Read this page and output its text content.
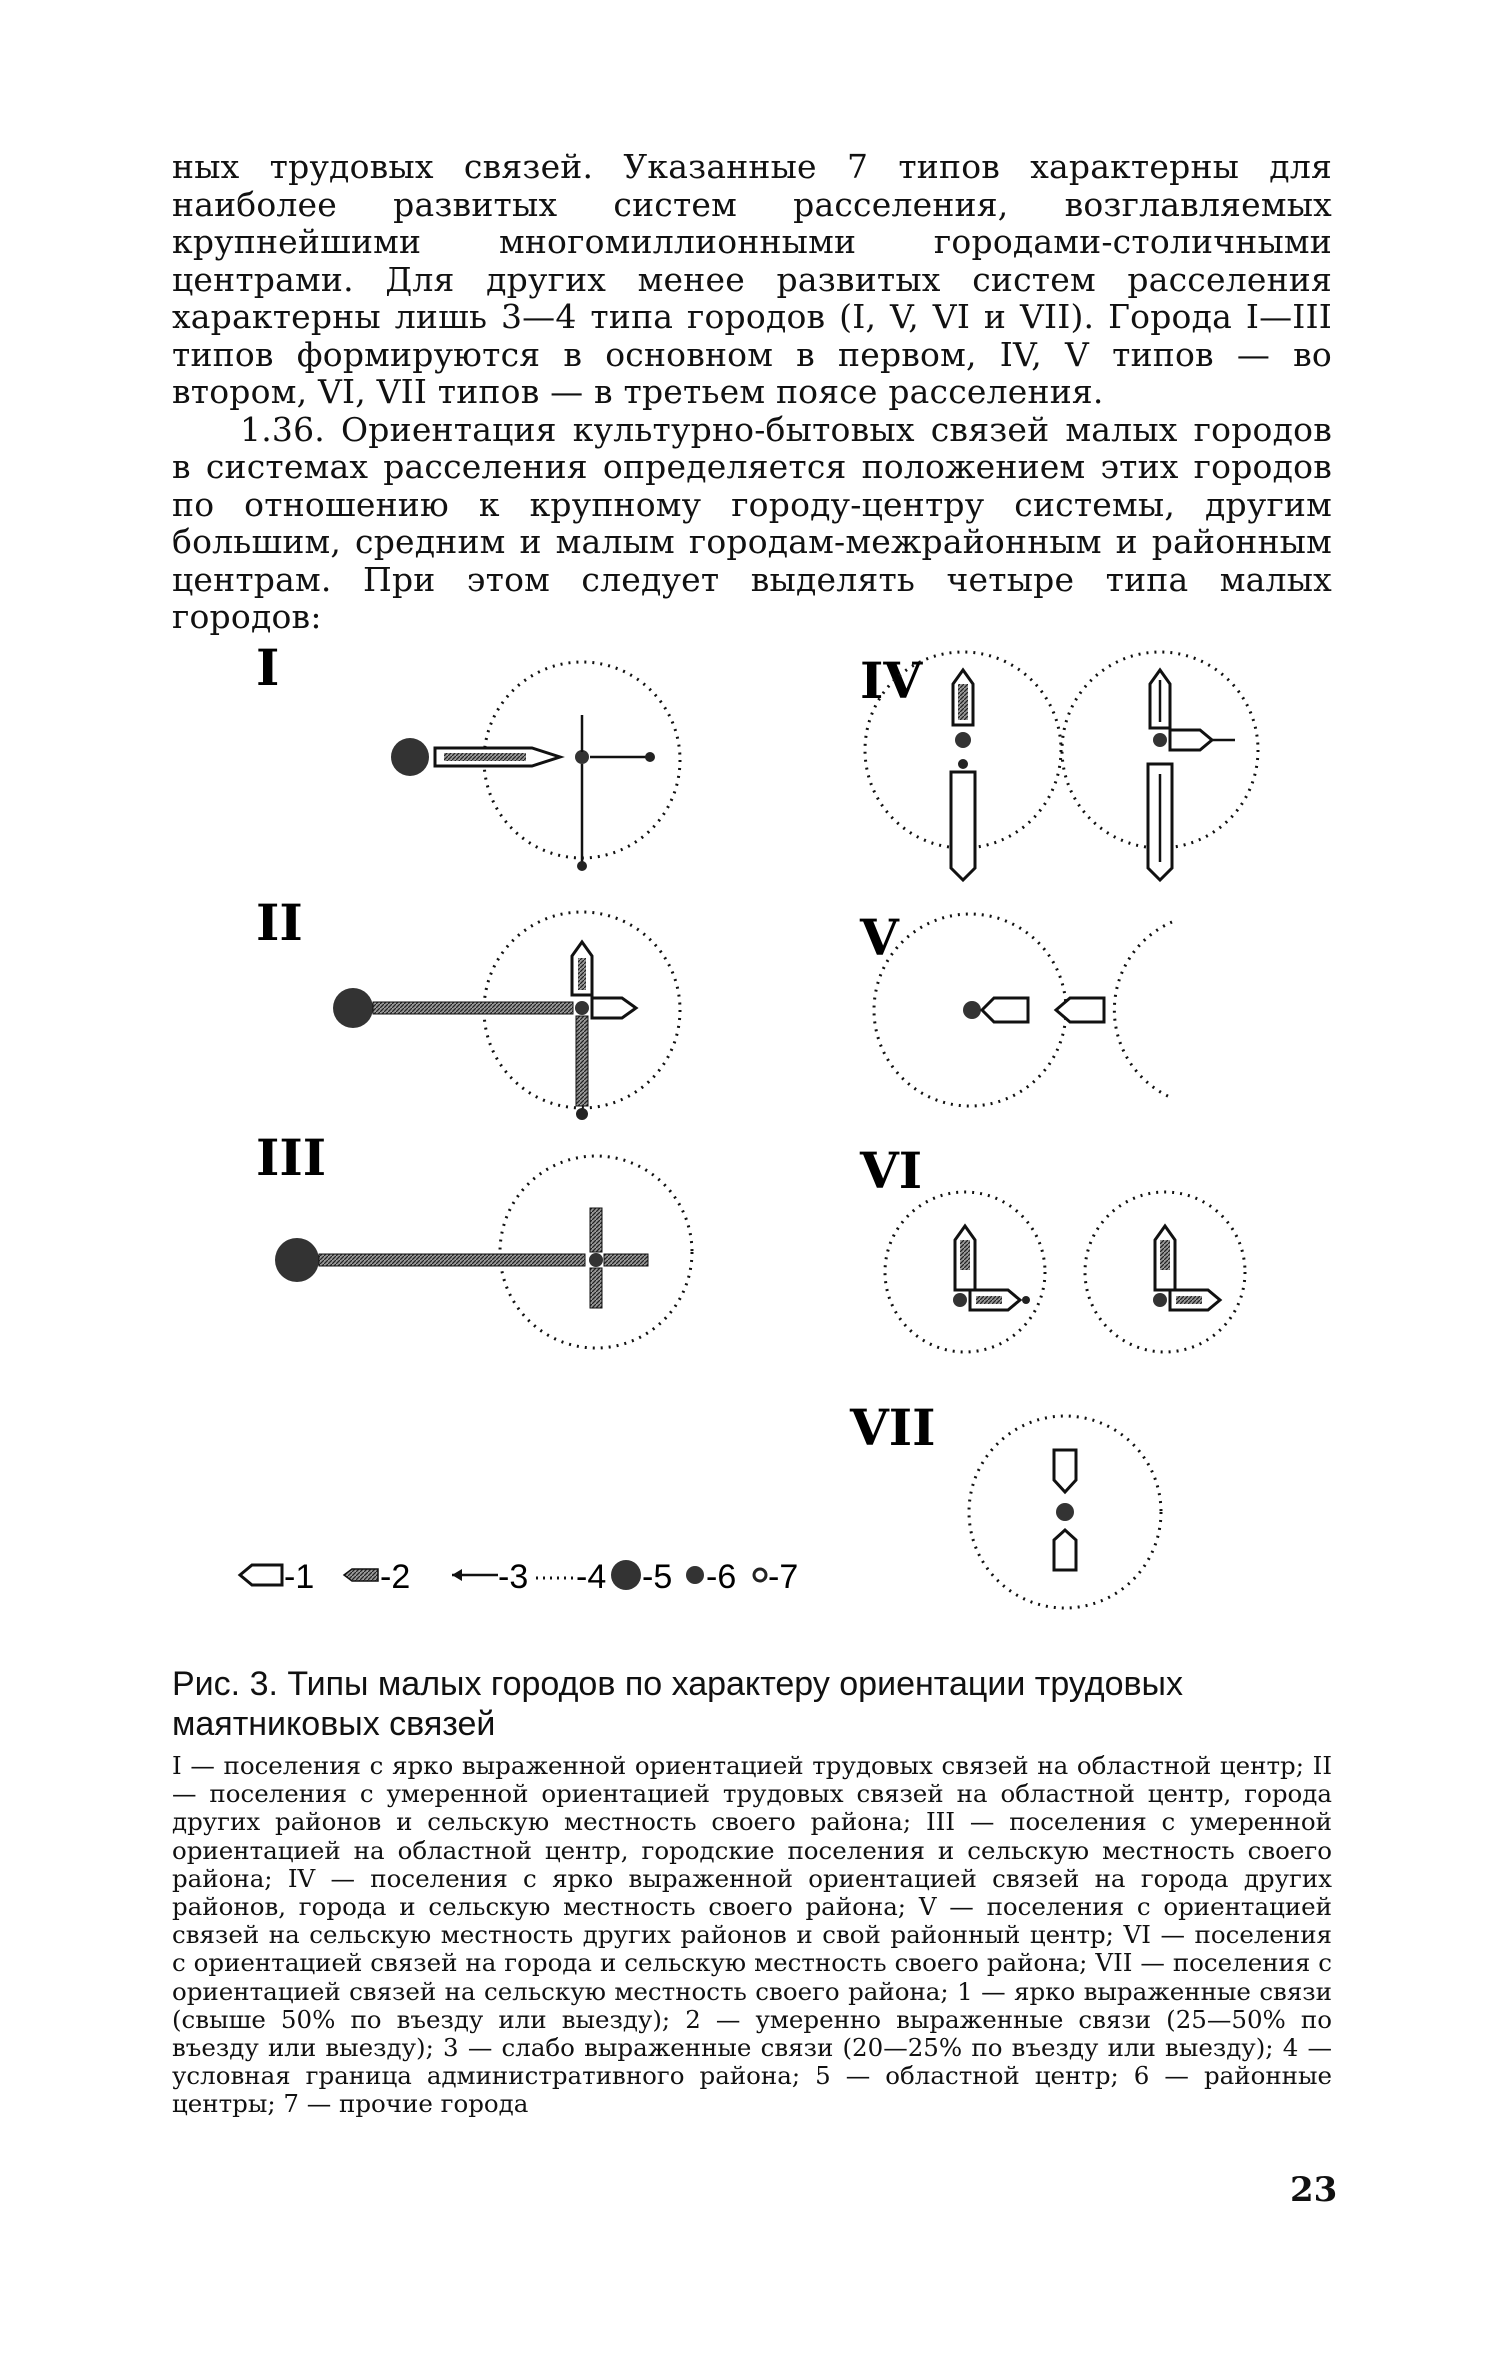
ных трудовых связей. Указанные 7 типов характерны для наиболее развитых систем расселения, возглавляемых крупнейшими многомиллионными городами-столичными центрами. Для других менее развитых систем расселения характерны лишь 3—4 типа городов (I, V, VI и VII). Города I—III типов формируются в основном в первом, IV, V типов — во втором, VI, VII типов — в третьем поясе расселения.

1.36. Ориентация культурно-бытовых связей малых городов в системах расселения определяется положением этих городов по отношению к крупному городу-центру системы, другим большим, средним и малым городам-межрайонным и районным центрам. При этом следует выделять четыре типа малых городов:

I
II
III
IV
V
VI
VII
-1 -2	-3 -4 -5 -6 -7
Рис. 3. Типы малых городов по характеру ориентации трудовых маятниковых связей
I — поселения с ярко выраженной ориентацией трудовых связей на областной центр; II — поселения с умеренной ориентацией трудовых связей на областной центр, города других районов и сельскую местность своего района; III — поселения с умеренной ориентацией на областной центр, городские поселения и сельскую местность своего района; IV — поселения с ярко выраженной ориентацией связей на города других районов, города и сельскую местность своего района; V — поселения с ориентацией связей на сельскую местность других районов и свой районный центр; VI — поселения с ориентацией связей на города и сельскую местность своего района; VII — поселения с ориентацией связей на сельскую местность своего района; 1 — ярко выраженные связи (свыше 50% по въезду или выезду); 2 — умеренно выраженные связи (25—50% по въезду или выезду); 3 — слабо выраженные связи (20—25% по въезду или выезду); 4 — условная граница административного района; 5 — областной центр; 6 — районные центры; 7 — прочие города
23
